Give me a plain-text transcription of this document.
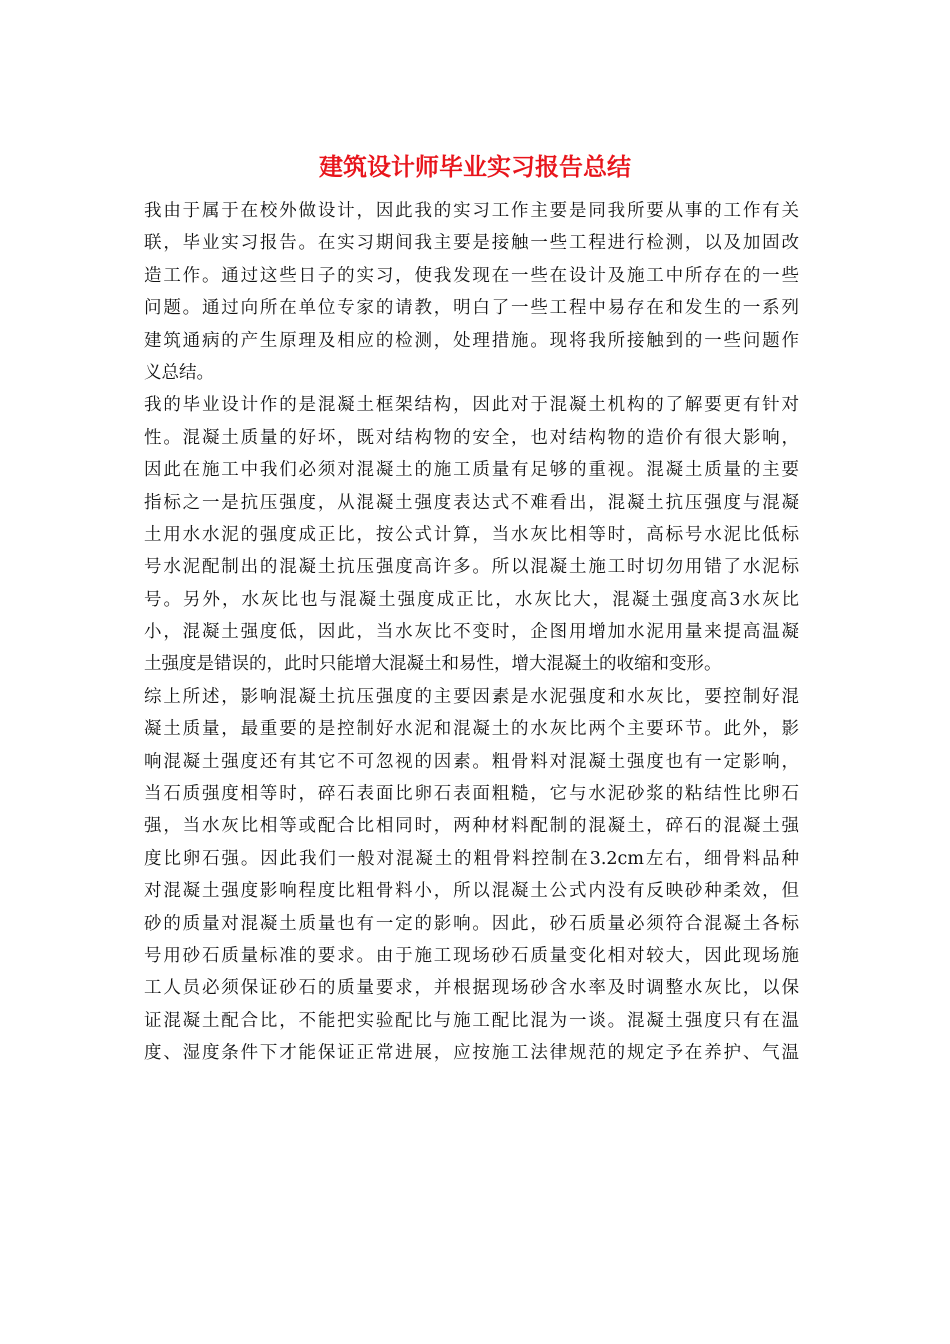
建筑设计师毕业实习报告总结

我由于属于在校外做设计，因此我的实习工作主要是同我所要从事的工作有关
联，毕业实习报告。在实习期间我主要是接触一些工程进行检测，以及加固改
造工作。通过这些日子的实习，使我发现在一些在设计及施工中所存在的一些
问题。通过向所在单位专家的请教，明白了一些工程中易存在和发生的一系列
建筑通病的产生原理及相应的检测，处理措施。现将我所接触到的一些问题作
义总结。

我的毕业设计作的是混凝土框架结构，因此对于混凝土机构的了解要更有针对
性。混凝土质量的好坏，既对结构物的安全，也对结构物的造价有很大影响，
因此在施工中我们必须对混凝土的施工质量有足够的重视。混凝土质量的主要
指标之一是抗压强度，从混凝土强度表达式不难看出，混凝土抗压强度与混凝
土用水水泥的强度成正比，按公式计算，当水灰比相等时，高标号水泥比低标
号水泥配制出的混凝土抗压强度高许多。所以混凝土施工时切勿用错了水泥标
号。另外，水灰比也与混凝土强度成正比，水灰比大，混凝土强度高3水灰比
小，混凝土强度低，因此，当水灰比不变时，企图用增加水泥用量来提高温凝
土强度是错误的，此时只能增大混凝土和易性，增大混凝土的收缩和变形。

综上所述，影响混凝土抗压强度的主要因素是水泥强度和水灰比，要控制好混
凝土质量，最重要的是控制好水泥和混凝土的水灰比两个主要环节。此外，影
响混凝土强度还有其它不可忽视的因素。粗骨料对混凝土强度也有一定影响，
当石质强度相等时，碎石表面比卵石表面粗糙，它与水泥砂浆的粘结性比卵石
强，当水灰比相等或配合比相同时，两种材料配制的混凝土，碎石的混凝土强
度比卵石强。因此我们一般对混凝土的粗骨料控制在3.2cm左右，细骨料品种
对混凝土强度影响程度比粗骨料小，所以混凝土公式内没有反映砂种柔效，但
砂的质量对混凝土质量也有一定的影响。因此，砂石质量必须符合混凝土各标
号用砂石质量标准的要求。由于施工现场砂石质量变化相对较大，因此现场施
工人员必须保证砂石的质量要求，并根据现场砂含水率及时调整水灰比，以保
证混凝土配合比，不能把实验配比与施工配比混为一谈。混凝土强度只有在温
度、湿度条件下才能保证正常进展，应按施工法律规范的规定予在养护、气温
